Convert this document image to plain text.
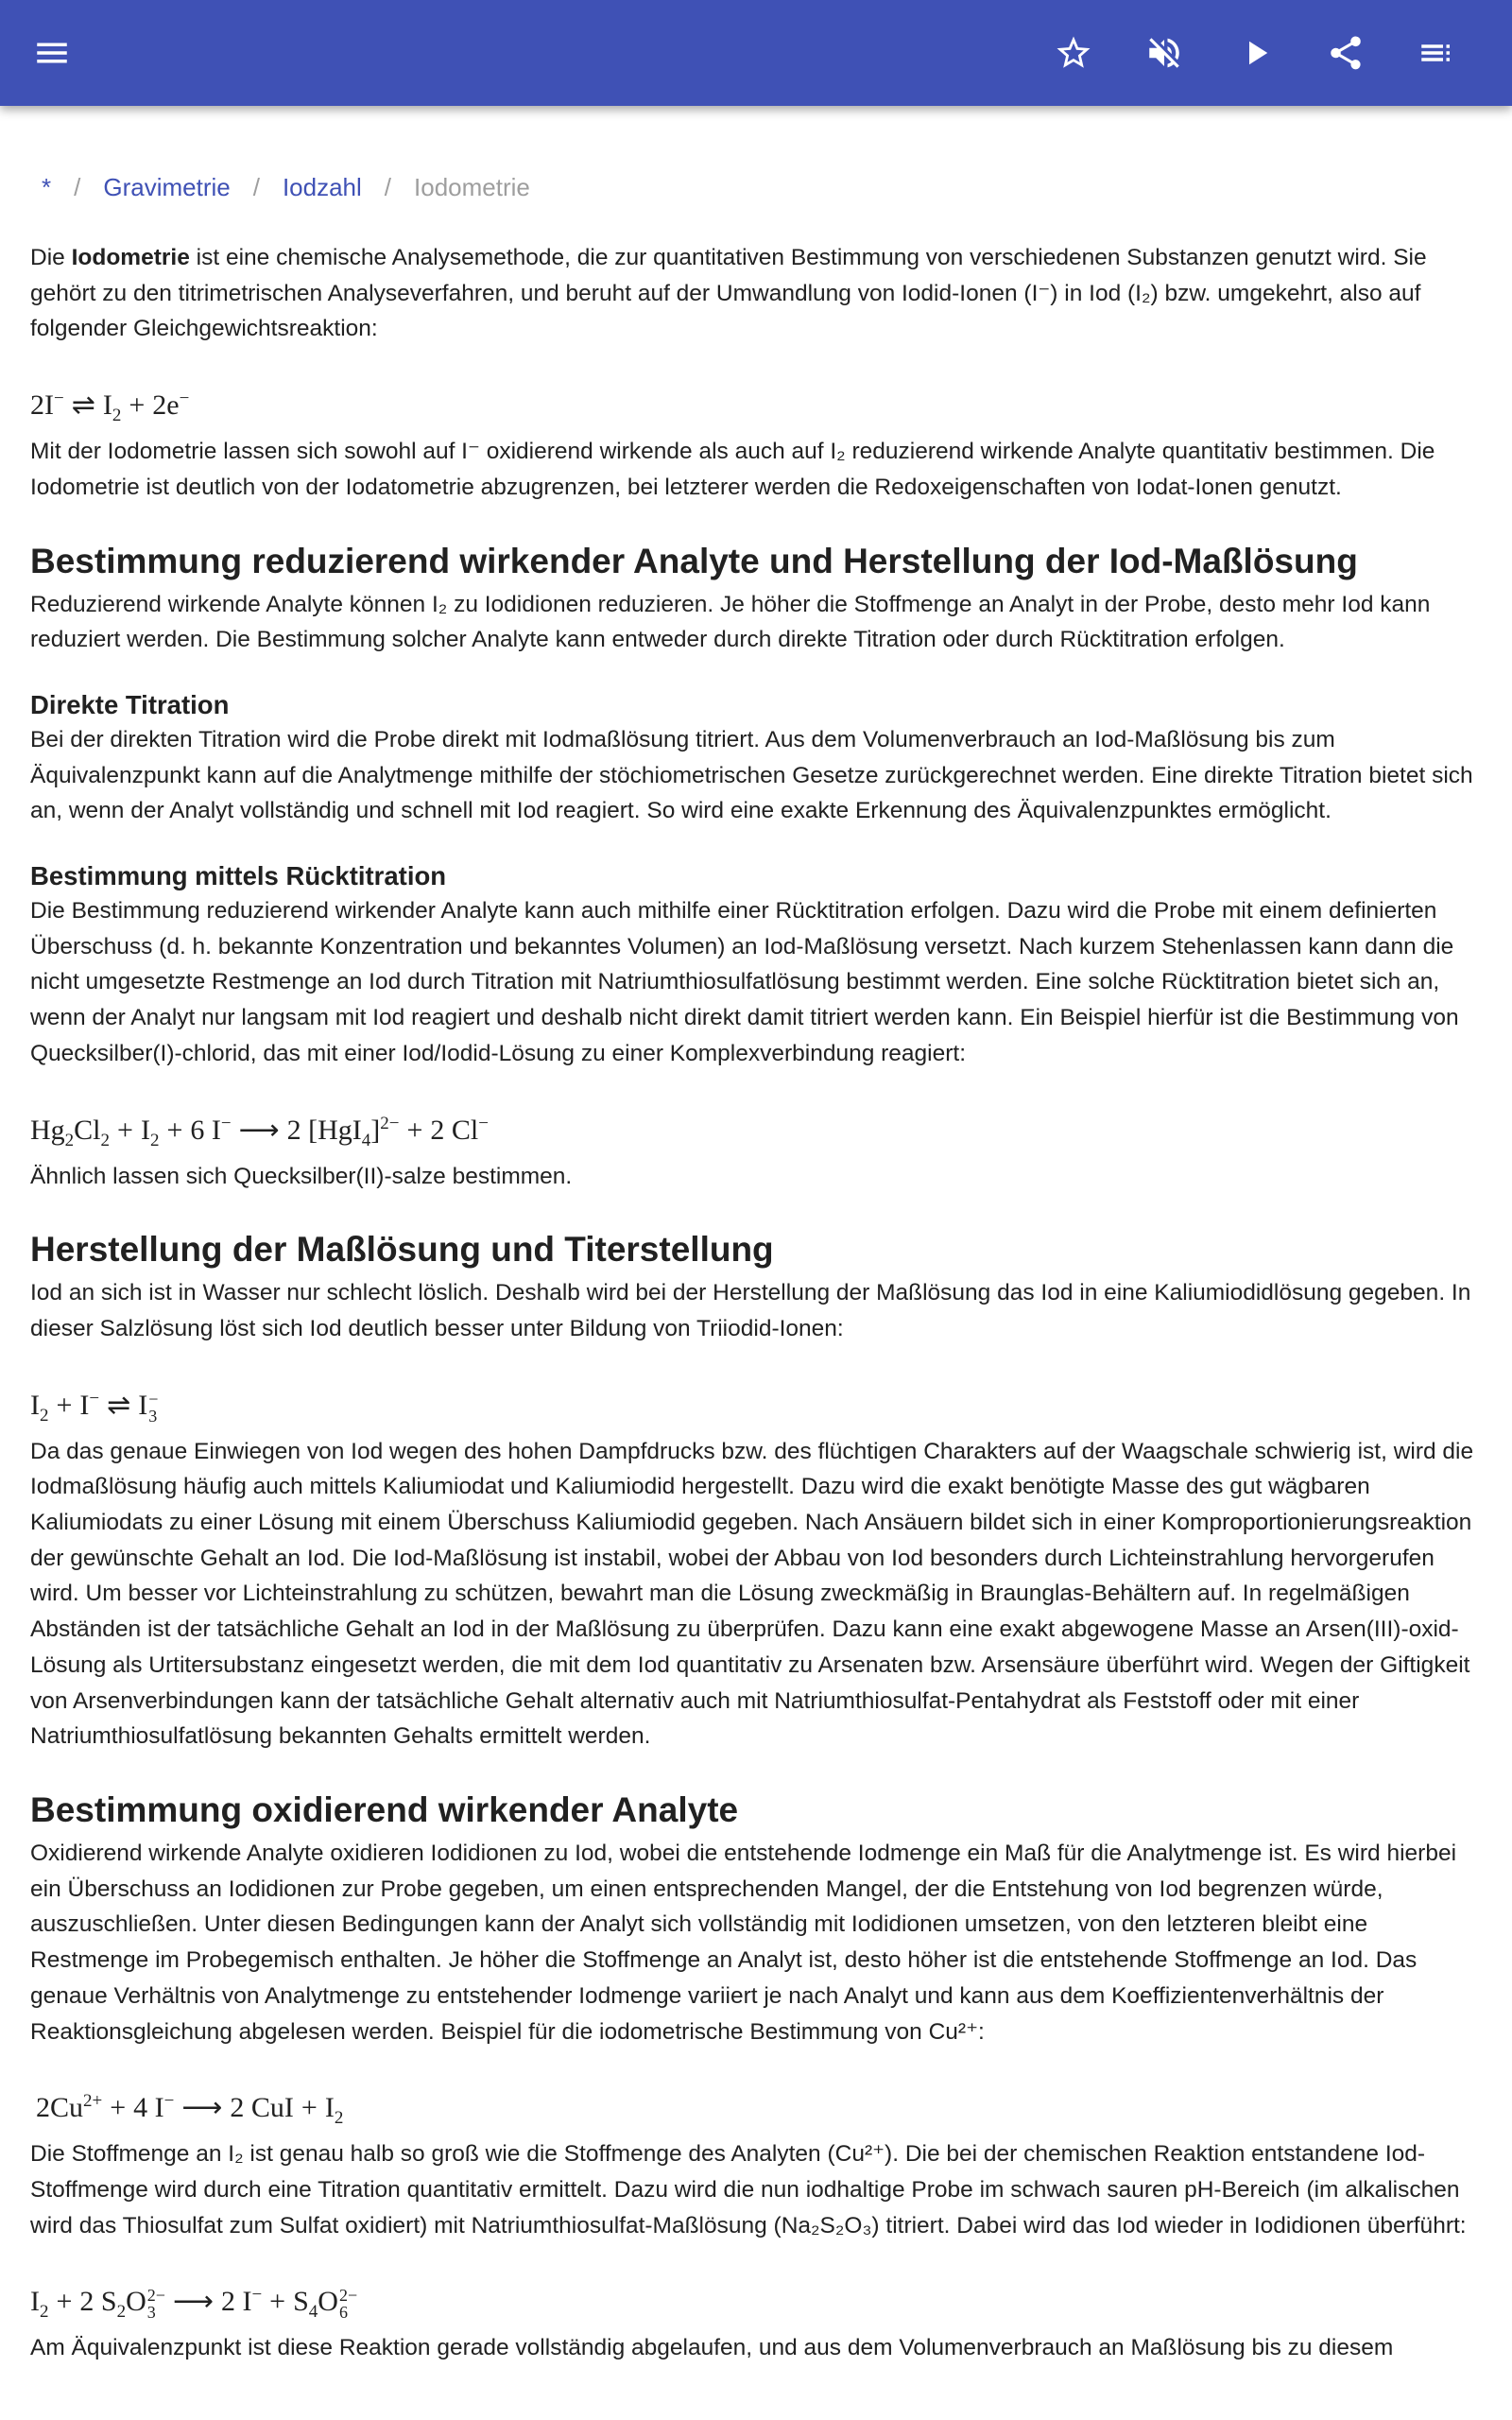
* / Gravimetrie / Iodzahl / Iodometrie

Die Iodometrie ist eine chemische Analysemethode, die zur quantitativen Bestimmung von verschiedenen Substanzen genutzt wird. Sie gehört zu den titrimetrischen Analyseverfahren, und beruht auf der Umwandlung von Iodid-Ionen (I⁻) in Iod (I₂) bzw. umgekehrt, also auf folgender Gleichgewichtsreaktion:

2I− ⇌ $I_2 + 2e^-$

Mit der Iodometrie lassen sich sowohl auf I⁻ oxidierend wirkende als auch auf I₂ reduzierend wirkende Analyte quantitativ bestimmen. Die Iodometrie ist deutlich von der Iodatometrie abzugrenzen, bei letzterer werden die Redoxeigenschaften von Iodat-Ionen genutzt.

Bestimmung reduzierend wirkender Analyte und Herstellung der Iod-Maßlösung

Reduzierend wirkende Analyte können I₂ zu Iodidionen reduzieren. Je höher die Stoffmenge an Analyt in der Probe, desto mehr Iod kann reduziert werden. Die Bestimmung solcher Analyte kann entweder durch direkte Titration oder durch Rücktitration erfolgen.

Direkte Titration

Bei der direkten Titration wird die Probe direkt mit Iodmaßlösung titriert. Aus dem Volumenverbrauch an Iod-Maßlösung bis zum Äquivalenzpunkt kann auf die Analytmenge mithilfe der stöchiometrischen Gesetze zurückgerechnet werden. Eine direkte Titration bietet sich an, wenn der Analyt vollständig und schnell mit Iod reagiert. So wird eine exakte Erkennung des Äquivalenzpunktes ermöglicht.

Bestimmung mittels Rücktitration

Die Bestimmung reduzierend wirkender Analyte kann auch mithilfe einer Rücktitration erfolgen. Dazu wird die Probe mit einem definierten Überschuss (d. h. bekannte Konzentration und bekanntes Volumen) an Iod-Maßlösung versetzt. Nach kurzem Stehenlassen kann dann die nicht umgesetzte Restmenge an Iod durch Titration mit Natriumthiosulfatlösung bestimmt werden. Eine solche Rücktitration bietet sich an, wenn der Analyt nur langsam mit Iod reagiert und deshalb nicht direkt damit titriert werden kann. Ein Beispiel hierfür ist die Bestimmung von Quecksilber(I)-chlorid, das mit einer Iod/Iodid-Lösung zu einer Komplexverbindung reagiert:

$Hg_2Cl_2 + I_2 + 6$ I− ⟶ 2 $[HgI_4]^{2-} + 2$ Cl−

Ähnlich lassen sich Quecksilber(II)-salze bestimmen.

Herstellung der Maßlösung und Titerstellung

Iod an sich ist in Wasser nur schlecht löslich. Deshalb wird bei der Herstellung der Maßlösung das Iod in eine Kaliumiodidlösung gegeben. In dieser Salzlösung löst sich Iod deutlich besser unter Bildung von Triiodid-Ionen:

$I_2 + I^-$ ⇌ I −
3

Da das genaue Einwiegen von Iod wegen des hohen Dampfdrucks bzw. des flüchtigen Charakters auf der Waagschale schwierig ist, wird die Iodmaßlösung häufig auch mittels Kaliumiodat und Kaliumiodid hergestellt. Dazu wird die exakt benötigte Masse des gut wägbaren Kaliumiodats zu einer Lösung mit einem Überschuss Kaliumiodid gegeben. Nach Ansäuern bildet sich in einer Komproportionierungsreaktion der gewünschte Gehalt an Iod. Die Iod-Maßlösung ist instabil, wobei der Abbau von Iod besonders durch Lichteinstrahlung hervorgerufen wird. Um besser vor Lichteinstrahlung zu schützen, bewahrt man die Lösung zweckmäßig in Braunglas-Behältern auf. In regelmäßigen Abständen ist der tatsächliche Gehalt an Iod in der Maßlösung zu überprüfen. Dazu kann eine exakt abgewogene Masse an Arsen(III)-oxid-Lösung als Urtitersubstanz eingesetzt werden, die mit dem Iod quantitativ zu Arsenaten bzw. Arsensäure überführt wird. Wegen der Giftigkeit von Arsenverbindungen kann der tatsächliche Gehalt alternativ auch mit Natriumthiosulfat-Pentahydrat als Feststoff oder mit einer Natriumthiosulfatlösung bekannten Gehalts ermittelt werden.

Bestimmung oxidierend wirkender Analyte

Oxidierend wirkende Analyte oxidieren Iodidionen zu Iod, wobei die entstehende Iodmenge ein Maß für die Analytmenge ist. Es wird hierbei ein Überschuss an Iodidionen zur Probe gegeben, um einen entsprechenden Mangel, der die Entstehung von Iod begrenzen würde, auszuschließen. Unter diesen Bedingungen kann der Analyt sich vollständig mit Iodidionen umsetzen, von den letzteren bleibt eine Restmenge im Probegemisch enthalten. Je höher die Stoffmenge an Analyt ist, desto höher ist die entstehende Stoffmenge an Iod. Das genaue Verhältnis von Analytmenge zu entstehender Iodmenge variiert je nach Analyt und kann aus dem Koeffizientenverhältnis der Reaktionsgleichung abgelesen werden. Beispiel für die iodometrische Bestimmung von Cu²⁺:

$2Cu^{2+} + 4$ I− ⟶ 2 CuI + $I_2$

Die Stoffmenge an I₂ ist genau halb so groß wie die Stoffmenge des Analyten (Cu²⁺). Die bei der chemischen Reaktion entstandene Iod-Stoffmenge wird durch eine Titration quantitativ ermittelt. Dazu wird die nun iodhaltige Probe im schwach sauren pH-Bereich (im alkalischen wird das Thiosulfat zum Sulfat oxidiert) mit Natriumthiosulfat-Maßlösung (Na₂S₂O₃) titriert. Dabei wird das Iod wieder in Iodidionen überführt:

$I_2 + 2$ $S_2O$ 2−
3 ⟶ 2 $I^- + S_4O$ 2−
6

Am Äquivalenzpunkt ist diese Reaktion gerade vollständig abgelaufen, und aus dem Volumenverbrauch an Maßlösung bis zu diesem
